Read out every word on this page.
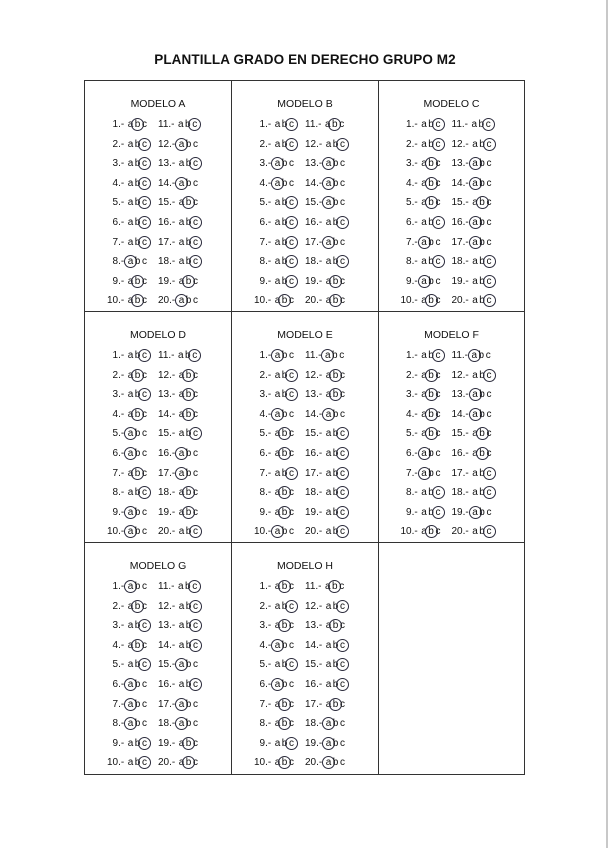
PLANTILLA GRADO EN DERECHO GRUPO M2
MODELO A
1.- ab c
2.- ab c
3.- ab c
4.- ab c
5.- ab c
6.- ab c
7.- ab c
8.- ab c
9.- ab c
10.- ab c
11.- ab c
12.- ab c
13.- ab c
14.- ab c
15.- ab c
16.- ab c
17.- ab c
18.- ab c
19.- ab c
20.- ab c
MODELO B
1.- ab c
2.- ab c
3.- ab c
4.- ab c
5.- ab c
6.- ab c
7.- ab c
8.- ab c
9.- ab c
10.- ab c
11.- ab c
12.- ab c
13.- ab c
14.- ab c
15.- ab c
16.- ab c
17.- ab c
18.- ab c
19.- ab c
20.- ab c
MODELO C
1.- ab c
2.- ab c
3.- ab c
4.- ab c
5.- ab c
6.- ab c
7.- ab c
8.- ab c
9.- ab c
10.- ab c
11.- ab c
12.- ab c
13.- ab c
14.- ab c
15.- ab c
16.- ab c
17.- ab c
18.- ab c
19.- ab c
20.- ab c
MODELO D
1.- ab c
2.- ab c
3.- ab c
4.- ab c
5.- ab c
6.- ab c
7.- ab c
8.- ab c
9.- ab c
10.- ab c
11.- ab c
12.- ab c
13.- ab c
14.- ab c
15.- ab c
16.- ab c
17.- ab c
18.- ab c
19.- ab c
20.- ab c
MODELO E
1.- ab c
2.- ab c
3.- ab c
4.- ab c
5.- ab c
6.- ab c
7.- ab c
8.- ab c
9.- ab c
10.- ab c
11.- ab c
12.- ab c
13.- ab c
14.- ab c
15.- ab c
16.- ab c
17.- ab c
18.- ab c
19.- ab c
20.- ab c
MODELO F
1.- ab c
2.- ab c
3.- ab c
4.- ab c
5.- ab c
6.- ab c
7.- ab c
8.- ab c
9.- ab c
10.- ab c
11.- ab c
12.- ab c
13.- ab c
14.- ab c
15.- ab c
16.- ab c
17.- ab c
18.- ab c
19.- ab c
20.- ab c
MODELO G
1.- ab c
2.- ab c
3.- ab c
4.- ab c
5.- ab c
6.- ab c
7.- ab c
8.- ab c
9.- ab c
10.- ab c
11.- ab c
12.- ab c
13.- ab c
14.- ab c
15.- ab c
16.- ab c
17.- ab c
18.- ab c
19.- ab c
20.- ab c
MODELO H
1.- ab c
2.- ab c
3.- ab c
4.- ab c
5.- ab c
6.- ab c
7.- ab c
8.- ab c
9.- ab c
10.- ab c
11.- ab c
12.- ab c
13.- ab c
14.- ab c
15.- ab c
16.- ab c
17.- ab c
18.- ab c
19.- ab c
20.- ab c
